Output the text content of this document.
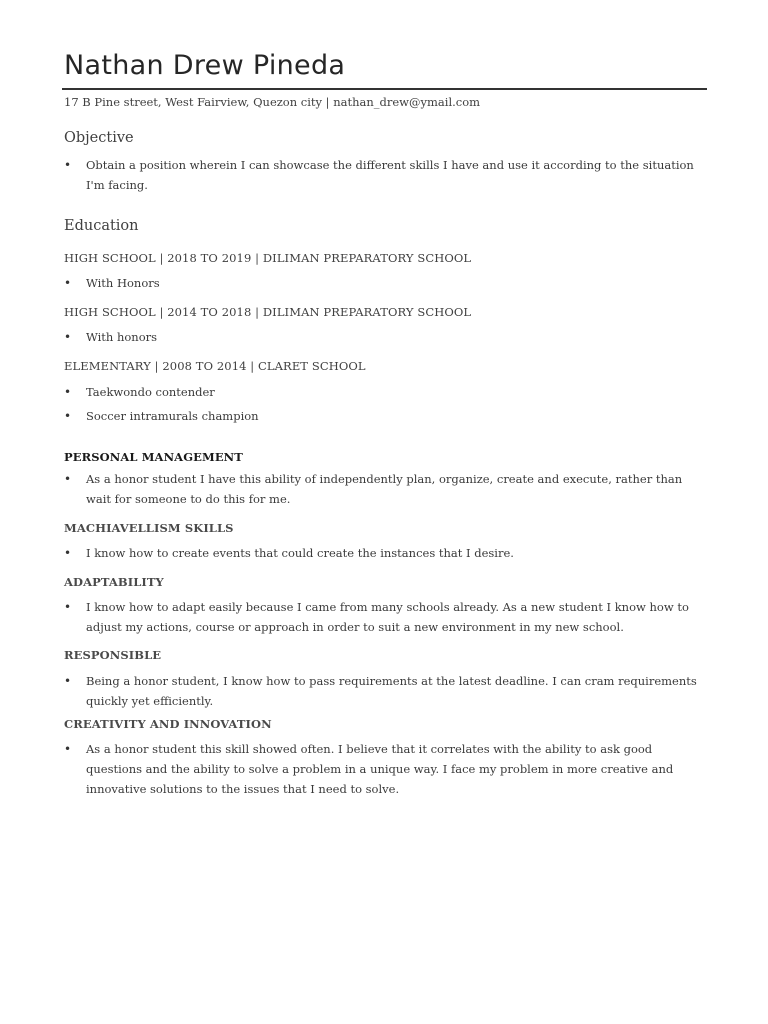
Nathan Drew Pineda
17 B Pine street, West Fairview, Quezon city | nathan_drew@ymail.com
Objective
• Obtain a position wherein I can showcase the different skills I have and use it according to the situation I'm facing.
Education
HIGH SCHOOL | 2018 TO 2019 | DILIMAN PREPARATORY SCHOOL
• With Honors
HIGH SCHOOL | 2014 TO 2018 | DILIMAN PREPARATORY SCHOOL
• With honors
ELEMENTARY | 2008 TO 2014 | CLARET SCHOOL
• Taekwondo contender
• Soccer intramurals champion
PERSONAL MANAGEMENT
• As a honor student I have this ability of independently plan, organize, create and execute, rather than wait for someone to do this for me.
MACHIAVELLISM SKILLS
• I know how to create events that could create the instances that I desire.
ADAPTABILITY
• I know how to adapt easily because I came from many schools already. As a new student I know how to adjust my actions, course or approach in order to suit a new environment in my new school.
RESPONSIBLE
• Being a honor student, I know how to pass requirements at the latest deadline. I can cram requirements quickly yet efficiently.
CREATIVITY AND INNOVATION
• As a honor student this skill showed often. I believe that it correlates with the ability to ask good questions and the ability to solve a problem in a unique way. I face my problem in more creative and innovative solutions to the issues that I need to solve.
